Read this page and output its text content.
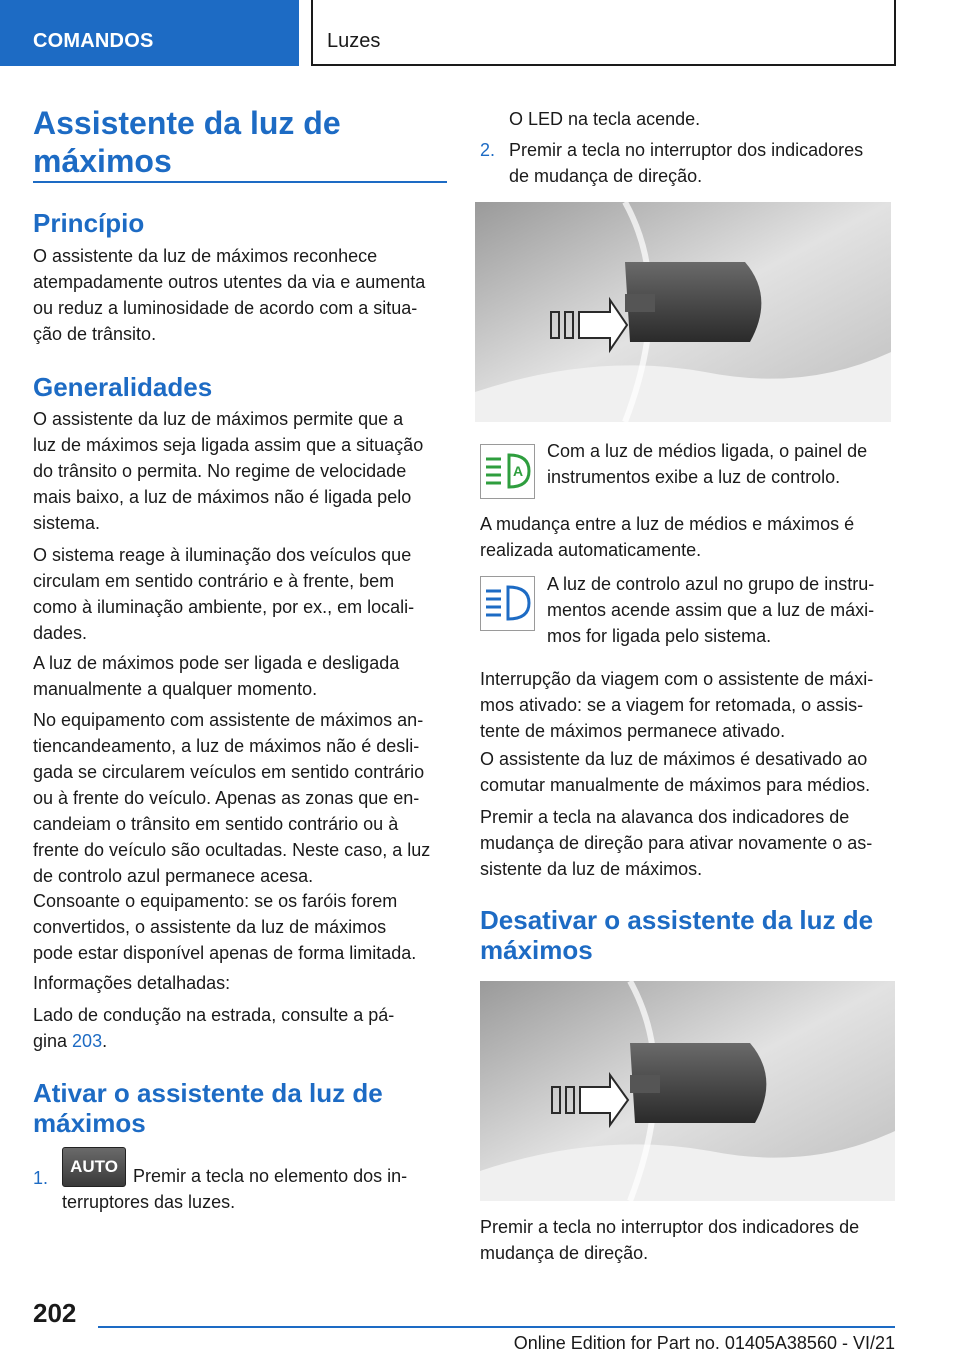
COMANDOS	Luzes
Assistente da luz de
máximos
Princípio

O assistente da luz de máximos reconhece
atempadamente outros utentes da via e aumenta
ou reduz a luminosidade de acordo com a situa-
ção de trânsito.

Generalidades

O assistente da luz de máximos permite que a
luz de máximos seja ligada assim que a situação
do trânsito o permita. No regime de velocidade
mais baixo, a luz de máximos não é ligada pelo
sistema.

O sistema reage à iluminação dos veículos que
circulam em sentido contrário e à frente, bem
como à iluminação ambiente, por ex., em locali-
dades.

A luz de máximos pode ser ligada e desligada
manualmente a qualquer momento.

No equipamento com assistente de máximos an-
tiencandeamento, a luz de máximos não é desli-
gada se circularem veículos em sentido contrário
ou à frente do veículo. Apenas as zonas que en-
candeiam o trânsito em sentido contrário ou à
frente do veículo são ocultadas. Neste caso, a luz
de controlo azul permanece acesa.

Consoante o equipamento: se os faróis forem
convertidos, o assistente da luz de máximos
pode estar disponível apenas de forma limitada.

Informações detalhadas:

Lado de condução na estrada, consulte a pá-
gina 203.

Ativar o assistente da luz de
máximos
1.
AUTO Premir a tecla no elemento dos in-

terruptores das luzes.

O LED na tecla acende.

2. Premir a tecla no interruptor dos indicadores
de mudança de direção.

A

Com a luz de médios ligada, o painel de
instrumentos exibe a luz de controlo.

A mudança entre a luz de médios e máximos é
realizada automaticamente.

A luz de controlo azul no grupo de instru-
mentos acende assim que a luz de máxi-
mos for ligada pelo sistema.

Interrupção da viagem com o assistente de máxi-
mos ativado: se a viagem for retomada, o assis-
tente de máximos permanece ativado.

O assistente da luz de máximos é desativado ao
comutar manualmente de máximos para médios.

Premir a tecla na alavanca dos indicadores de
mudança de direção para ativar novamente o as-
sistente da luz de máximos.

Desativar o assistente da luz de
máximos

Premir a tecla no interruptor dos indicadores de
mudança de direção.

202
Online Edition for Part no. 01405A38560 - VI/21
